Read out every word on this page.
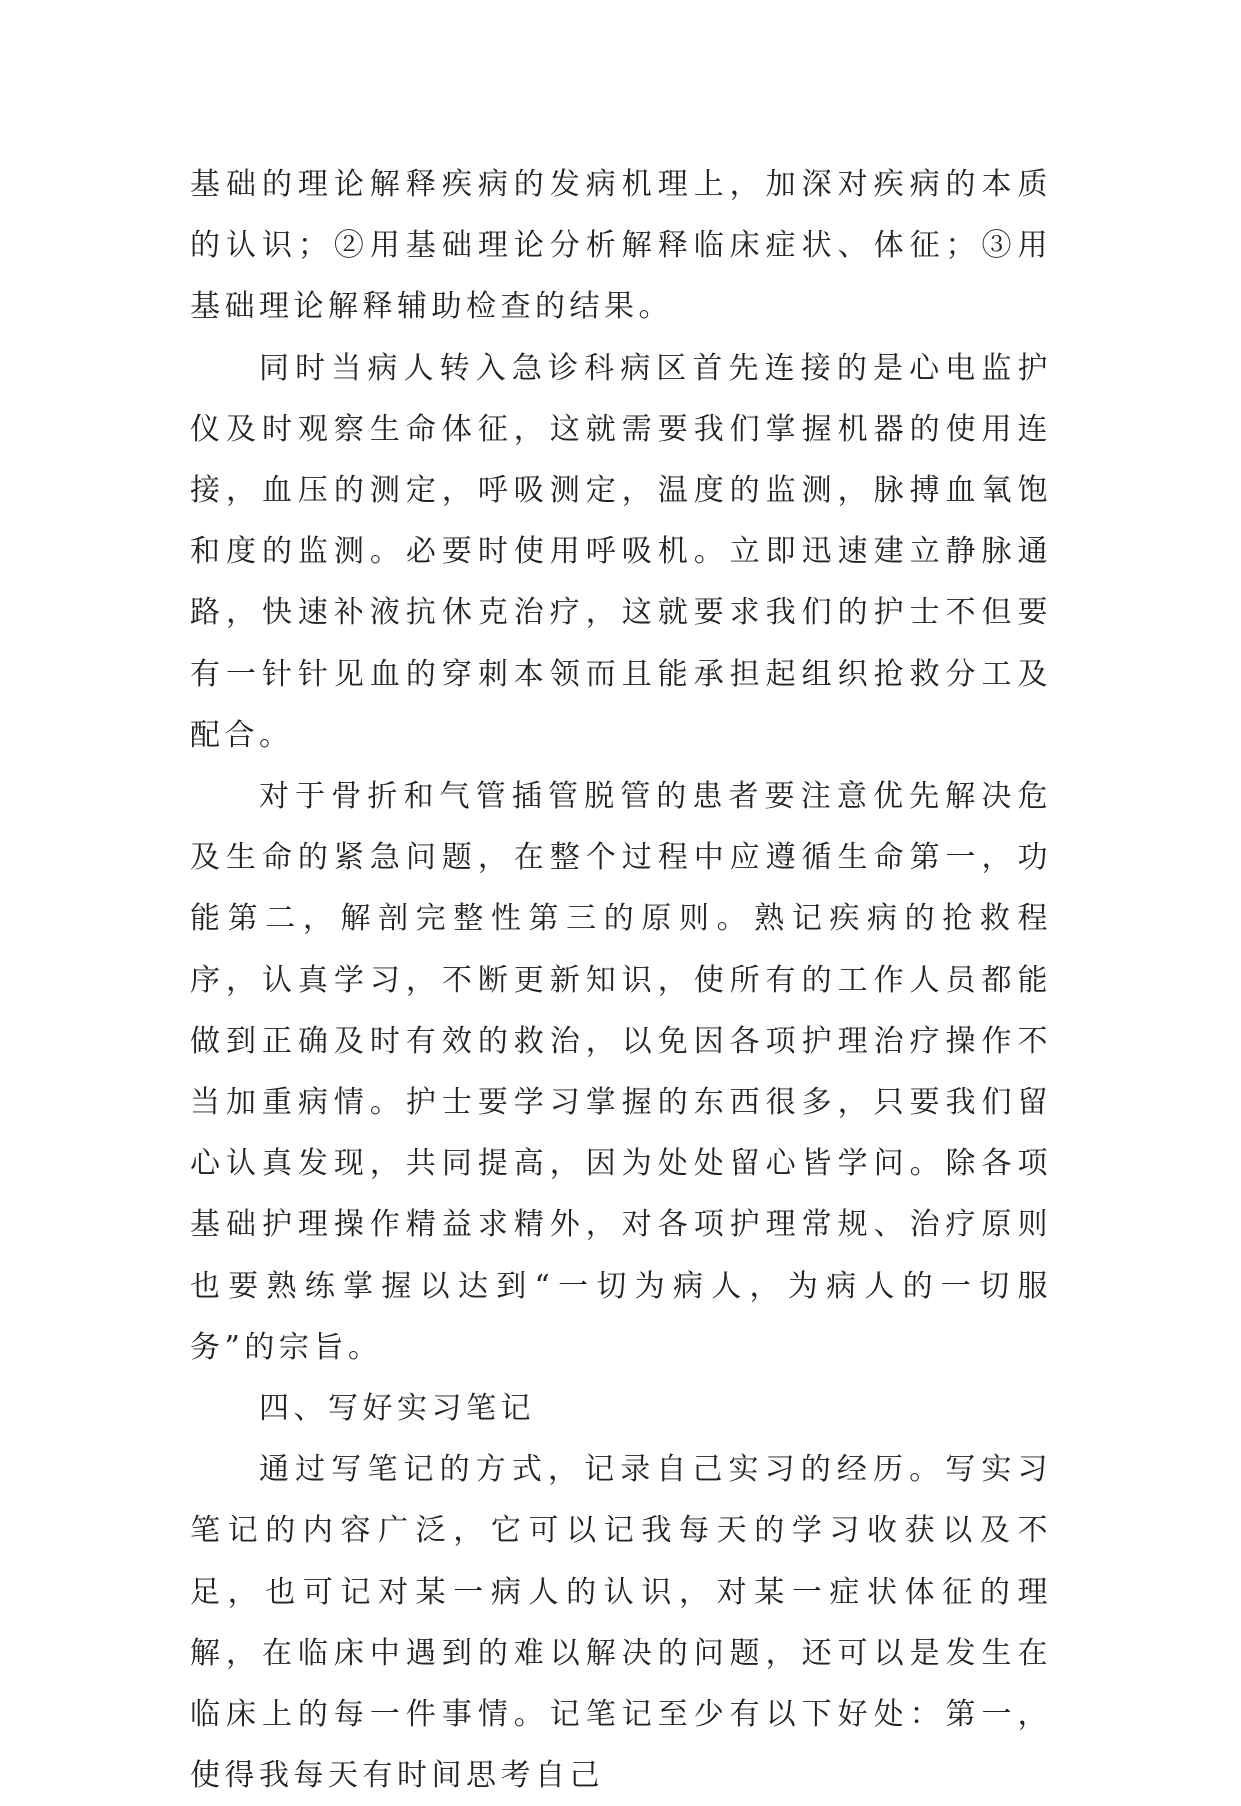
基础的理论解释疾病的发病机理上，加深对疾病的本质的认识；②用基础理论分析解释临床症状、体征；③用基础理论解释辅助检查的结果。

同时当病人转入急诊科病区首先连接的是心电监护仪及时观察生命体征，这就需要我们掌握机器的使用连接，血压的测定，呼吸测定，温度的监测，脉搏血氧饱和度的监测。必要时使用呼吸机。立即迅速建立静脉通路，快速补液抗休克治疗，这就要求我们的护士不但要有一针针见血的穿刺本领而且能承担起组织抢救分工及配合。

对于骨折和气管插管脱管的患者要注意优先解决危及生命的紧急问题，在整个过程中应遵循生命第一，功能第二，解剖完整性第三的原则。熟记疾病的抢救程序，认真学习，不断更新知识，使所有的工作人员都能做到正确及时有效的救治，以免因各项护理治疗操作不当加重病情。护士要学习掌握的东西很多，只要我们留心认真发现，共同提高，因为处处留心皆学问。除各项基础护理操作精益求精外，对各项护理常规、治疗原则也要熟练掌握以达到“一切为病人，为病人的一切服务”的宗旨。

四、写好实习笔记

通过写笔记的方式，记录自己实习的经历。写实习笔记的内容广泛，它可以记我每天的学习收获以及不足，也可记对某一病人的认识，对某一症状体征的理解，在临床中遇到的难以解决的问题，还可以是发生在临床上的每一件事情。记笔记至少有以下好处：第一，使得我每天有时间思考自己
